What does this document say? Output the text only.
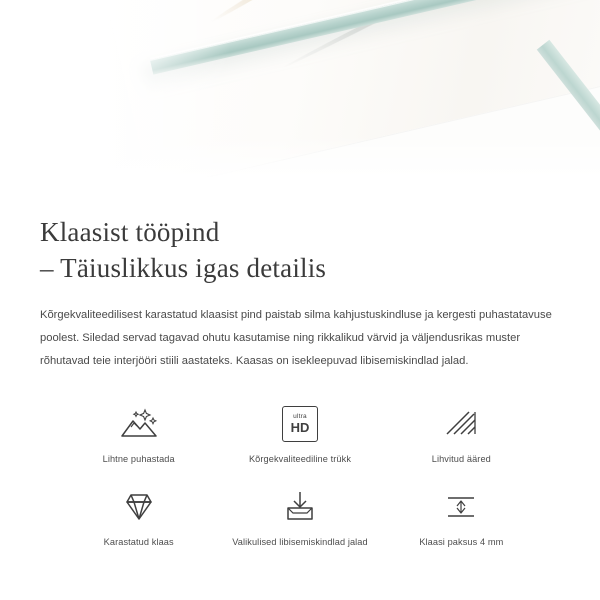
Klaasist tööpind
– Täiuslikkus igas detailis

Kõrgekvaliteedilisest karastatud klaasist pind paistab silma kahjustuskindluse ja kergesti puhastatavuse poolest. Siledad servad tagavad ohutu kasutamise ning rikkalikud värvid ja väljendusrikas muster rõhutavad teie interjööri stiili aastateks. Kaasas on isekleepuvad libisemiskindlad jalad.

Lihtne puhastada
ultra
HD
Kõrgekvaliteediline trükk	Lihvitud ääred
Karastatud klaas	Valikulised libisemiskindlad jalad	Klaasi paksus 4 mm
